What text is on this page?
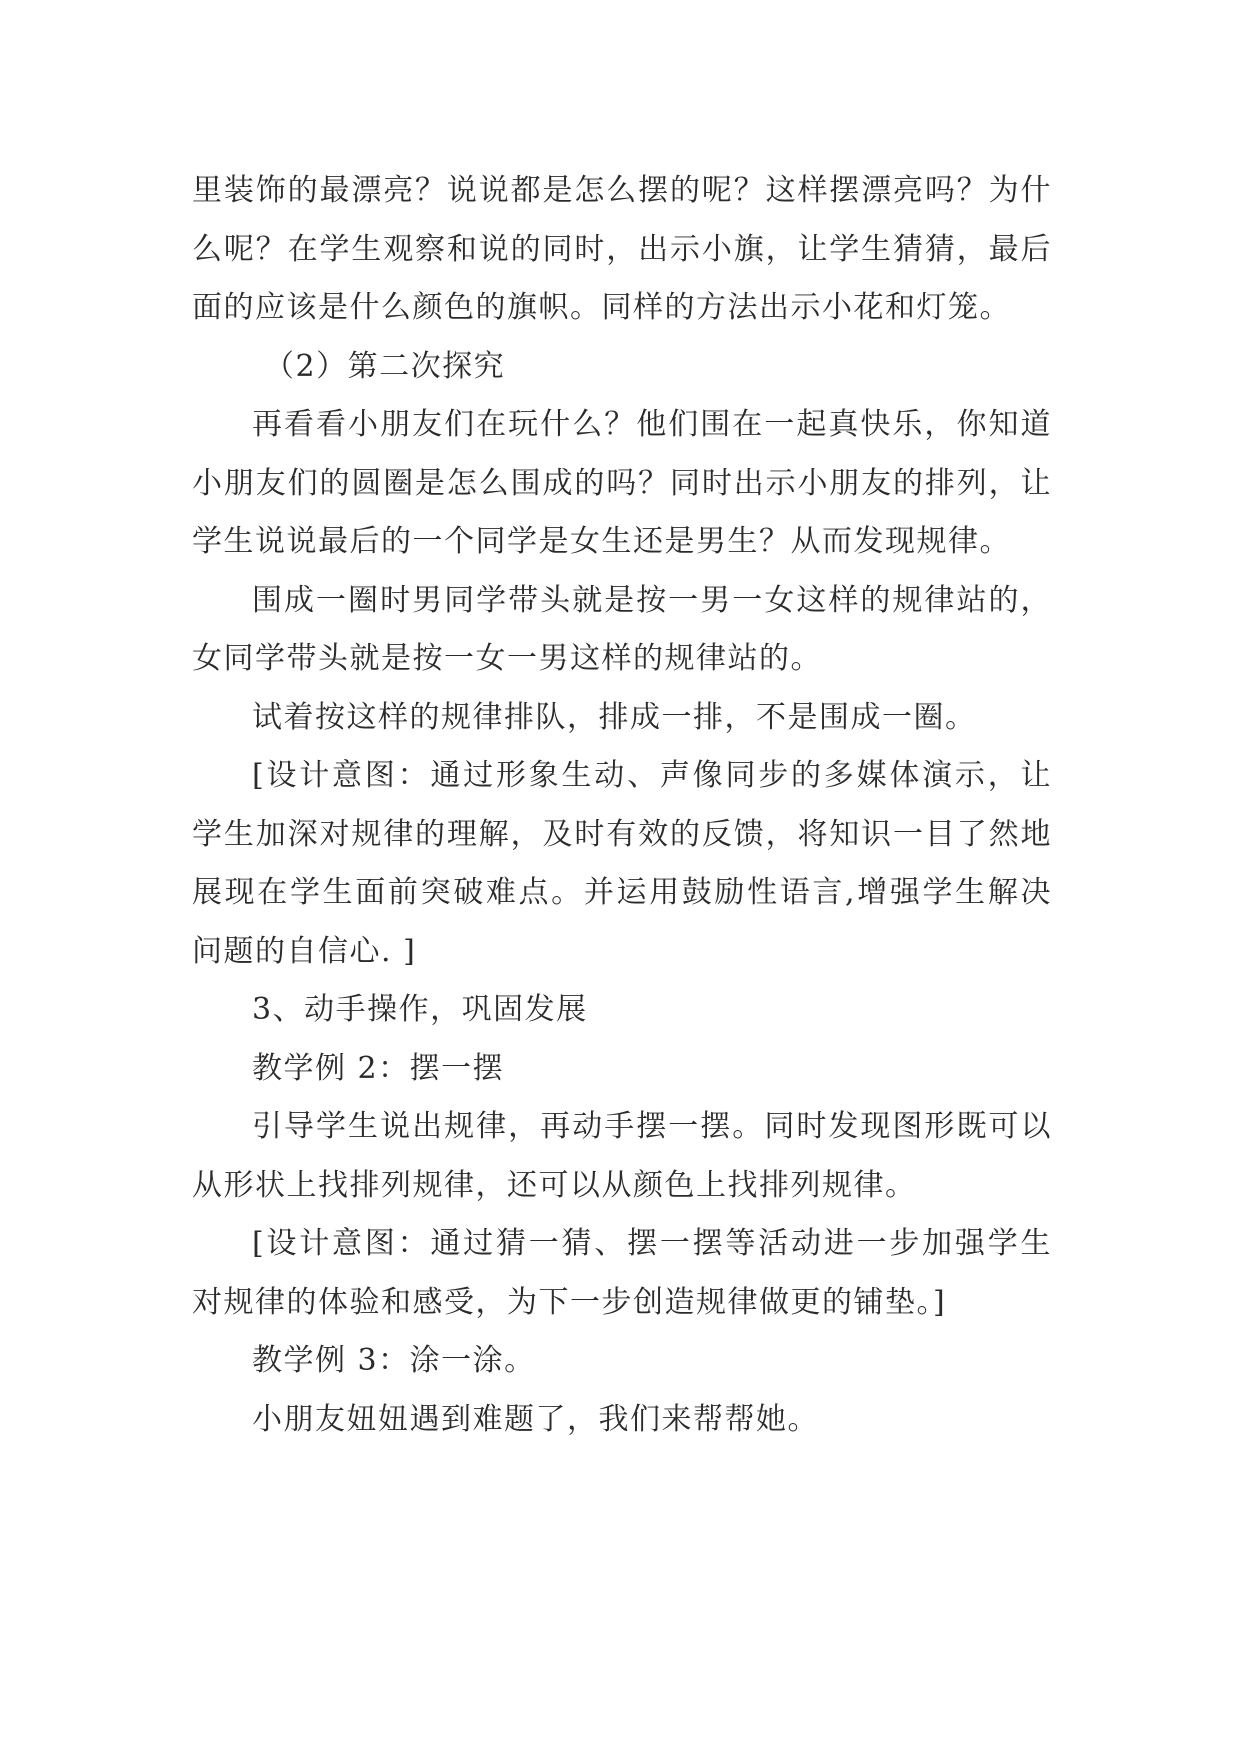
里装饰的最漂亮？说说都是怎么摆的呢？这样摆漂亮吗？为什么呢？在学生观察和说的同时，出示小旗，让学生猜猜，最后面的应该是什么颜色的旗帜。同样的方法出示小花和灯笼。

（2）第二次探究

再看看小朋友们在玩什么？他们围在一起真快乐，你知道小朋友们的圆圈是怎么围成的吗？同时出示小朋友的排列，让学生说说最后的一个同学是女生还是男生？从而发现规律。

围成一圈时男同学带头就是按一男一女这样的规律站的，女同学带头就是按一女一男这样的规律站的。

试着按这样的规律排队，排成一排，不是围成一圈。

[设计意图：通过形象生动、声像同步的多媒体演示，让学生加深对规律的理解，及时有效的反馈，将知识一目了然地展现在学生面前突破难点。并运用鼓励性语言,增强学生解决问题的自信心. ]

3、动手操作，巩固发展

教学例 2：摆一摆

引导学生说出规律，再动手摆一摆。同时发现图形既可以从形状上找排列规律，还可以从颜色上找排列规律。

[设计意图：通过猜一猜、摆一摆等活动进一步加强学生对规律的体验和感受，为下一步创造规律做更的铺垫。]

教学例 3：涂一涂。

小朋友妞妞遇到难题了，我们来帮帮她。
